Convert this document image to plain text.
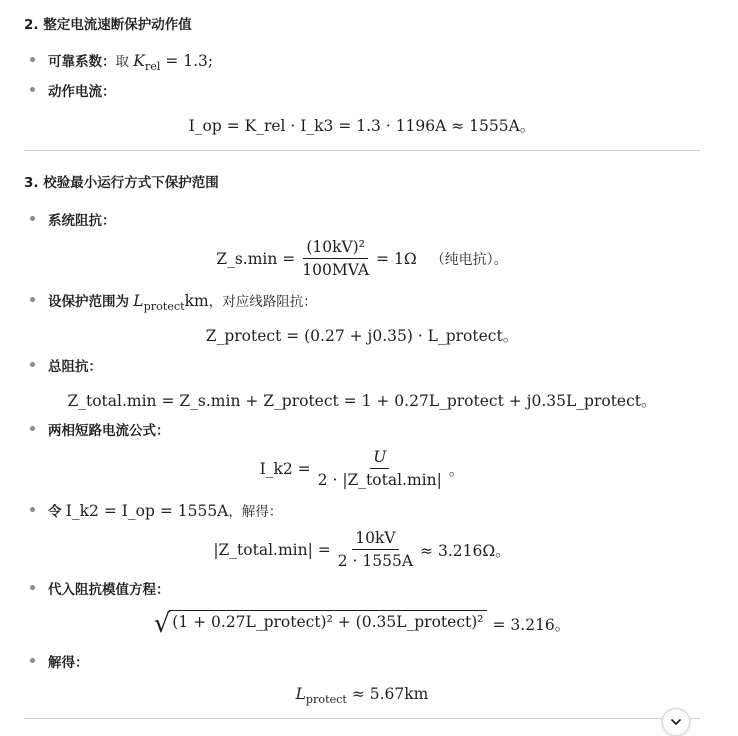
2. 整定电流速断保护动作值
可靠系数：取 $K_{rel} = 1.3$;
动作电流：
I_op = K_rel · I_k3 = 1.3 · 1196A ≈ 1555A。
3. 校验最小运行方式下保护范围
系统阻抗：
Z_s.min = $\frac{\text{(10kV)²}}{\text{100MVA}} = 1\Omega$ （纯电抗）。
设保护范围为 $L_{protect}km$，对应线路阻抗：
Z_protect = (0.27 + j0.35) · L_protect。
总阻抗：
Z_total.min = Z_s.min + Z_protect = 1 + 0.27L_protect + j0.35L_protect。
两相短路电流公式：
I_k2 = $\frac{U}{\text{2 · |Z\_total.min|}}$ 。
令 I_k2 = I_op = 1555A，解得：
|Z_total.min| = $\frac{10kV}{2 \cdot 1555A} \approx 3.216\Omega$。
代入阻抗模值方程：
√ (1 + 0.27L_protect)² + (0.35L_protect)² = 3.216。
解得：
$L_{protect} \approx 5.67km$
